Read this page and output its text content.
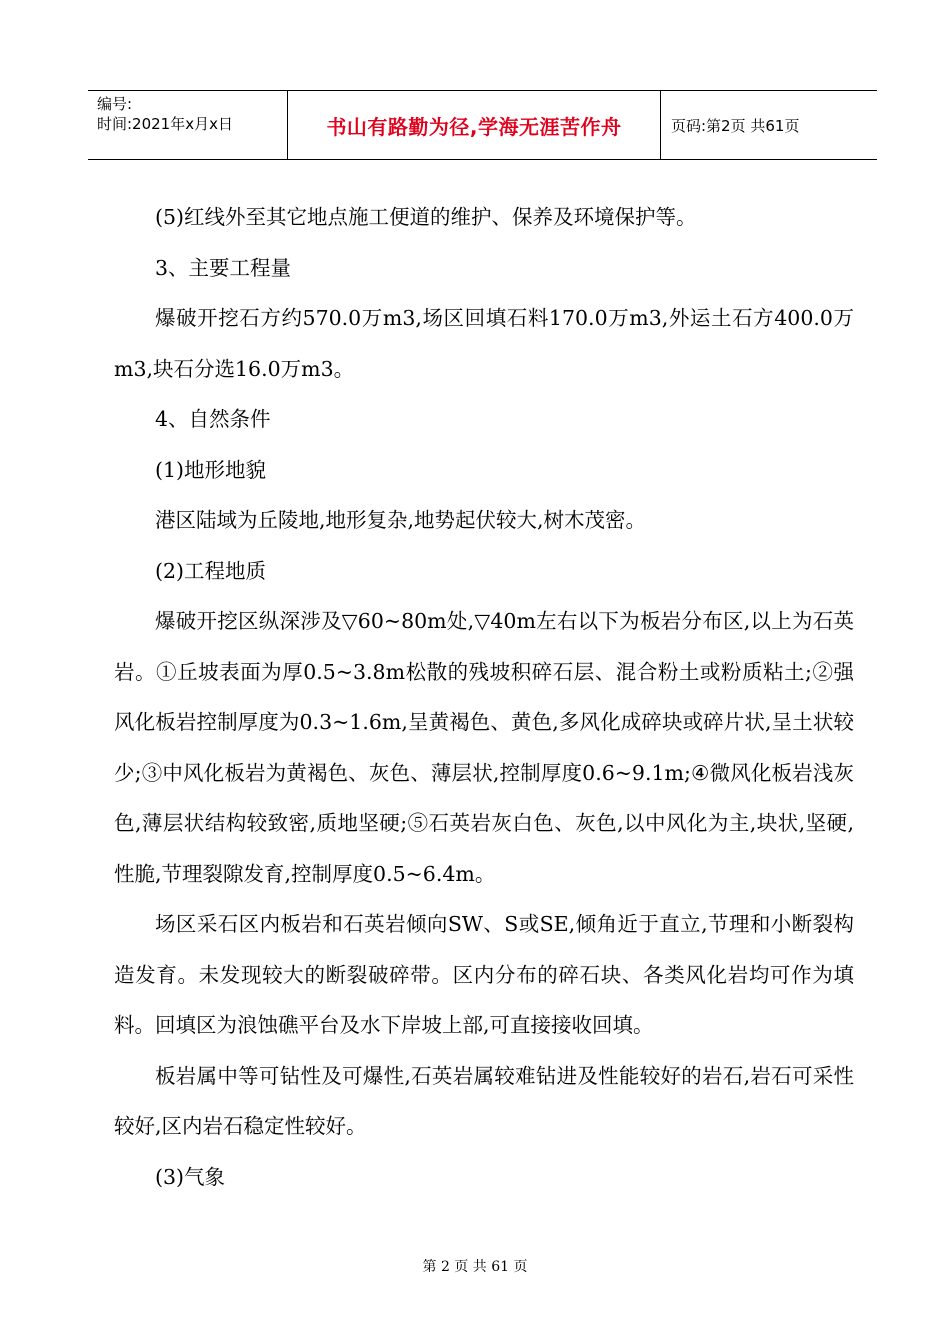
编号:
时间:2021年x月x日	书山有路勤为径,学海无涯苦作舟	页码:第2页 共61页

(5)红线外至其它地点施工便道的维护、保养及环境保护等。

3、主要工程量

爆破开挖石方约570.0万m3,场区回填石料170.0万m3,外运土石方400.0万m3,块石分选16.0万m3。

4、自然条件

(1)地形地貌

港区陆域为丘陵地,地形复杂,地势起伏较大,树木茂密。

(2)工程地质

爆破开挖区纵深涉及▽60~80m处,▽40m左右以下为板岩分布区,以上为石英岩。①丘坡表面为厚0.5~3.8m松散的残坡积碎石层、混合粉土或粉质粘土;②强风化板岩控制厚度为0.3~1.6m,呈黄褐色、黄色,多风化成碎块或碎片状,呈土状较少;③中风化板岩为黄褐色、灰色、薄层状,控制厚度0.6~9.1m;④微风化板岩浅灰色,薄层状结构较致密,质地坚硬;⑤石英岩灰白色、灰色,以中风化为主,块状,坚硬,性脆,节理裂隙发育,控制厚度0.5~6.4m。

场区采石区内板岩和石英岩倾向SW、S或SE,倾角近于直立,节理和小断裂构造发育。未发现较大的断裂破碎带。区内分布的碎石块、各类风化岩均可作为填料。回填区为浪蚀礁平台及水下岸坡上部,可直接接收回填。

板岩属中等可钻性及可爆性,石英岩属较难钻进及性能较好的岩石,岩石可采性较好,区内岩石稳定性较好。

(3)气象

第 2 页 共 61 页
